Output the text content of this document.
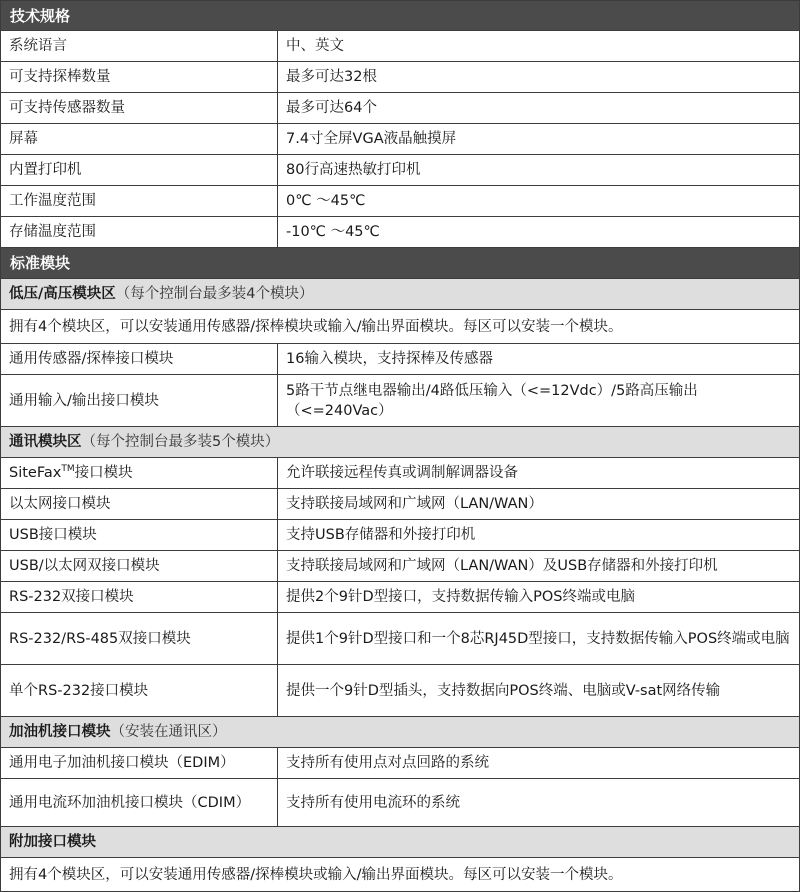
技术规格	
系统语言	中、英文
可支持探棒数量	最多可达32根
可支持传感器数量	最多可达64个
屏幕	7.4寸全屏VGA液晶触摸屏
内置打印机	80行高速热敏打印机
工作温度范围	0℃ ～45℃
存储温度范围	-10℃ ～45℃
标准模块	
低压/高压模块区（每个控制台最多装4个模块）	
拥有4个模块区，可以安装通用传感器/探棒模块或输入/输出界面模块。每区可以安装一个模块。	
通用传感器/探棒接口模块	16输入模块，支持探棒及传感器
通用输入/输出接口模块	5路干节点继电器输出/4路低压输入（<=12Vdc）/5路高压输出（<=240Vac）
通讯模块区（每个控制台最多装5个模块）	
SiteFax™接口模块	允许联接远程传真或调制解调器设备
以太网接口模块	支持联接局域网和广域网（LAN/WAN）
USB接口模块	支持USB存储器和外接打印机
USB/以太网双接口模块	支持联接局域网和广域网（LAN/WAN）及USB存储器和外接打印机
RS-232双接口模块	提供2个9针D型接口，支持数据传输入POS终端或电脑
RS-232/RS-485双接口模块	提供1个9针D型接口和一个8芯RJ45D型接口，支持数据传输入POS终端或电脑
单个RS-232接口模块	提供一个9针D型插头，支持数据向POS终端、电脑或V-sat网络传输
加油机接口模块（安装在通讯区）	
通用电子加油机接口模块（EDIM）	支持所有使用点对点回路的系统
通用电流环加油机接口模块（CDIM）	支持所有使用电流环的系统
附加接口模块	
拥有4个模块区，可以安装通用传感器/探棒模块或输入/输出界面模块。每区可以安装一个模块。	
